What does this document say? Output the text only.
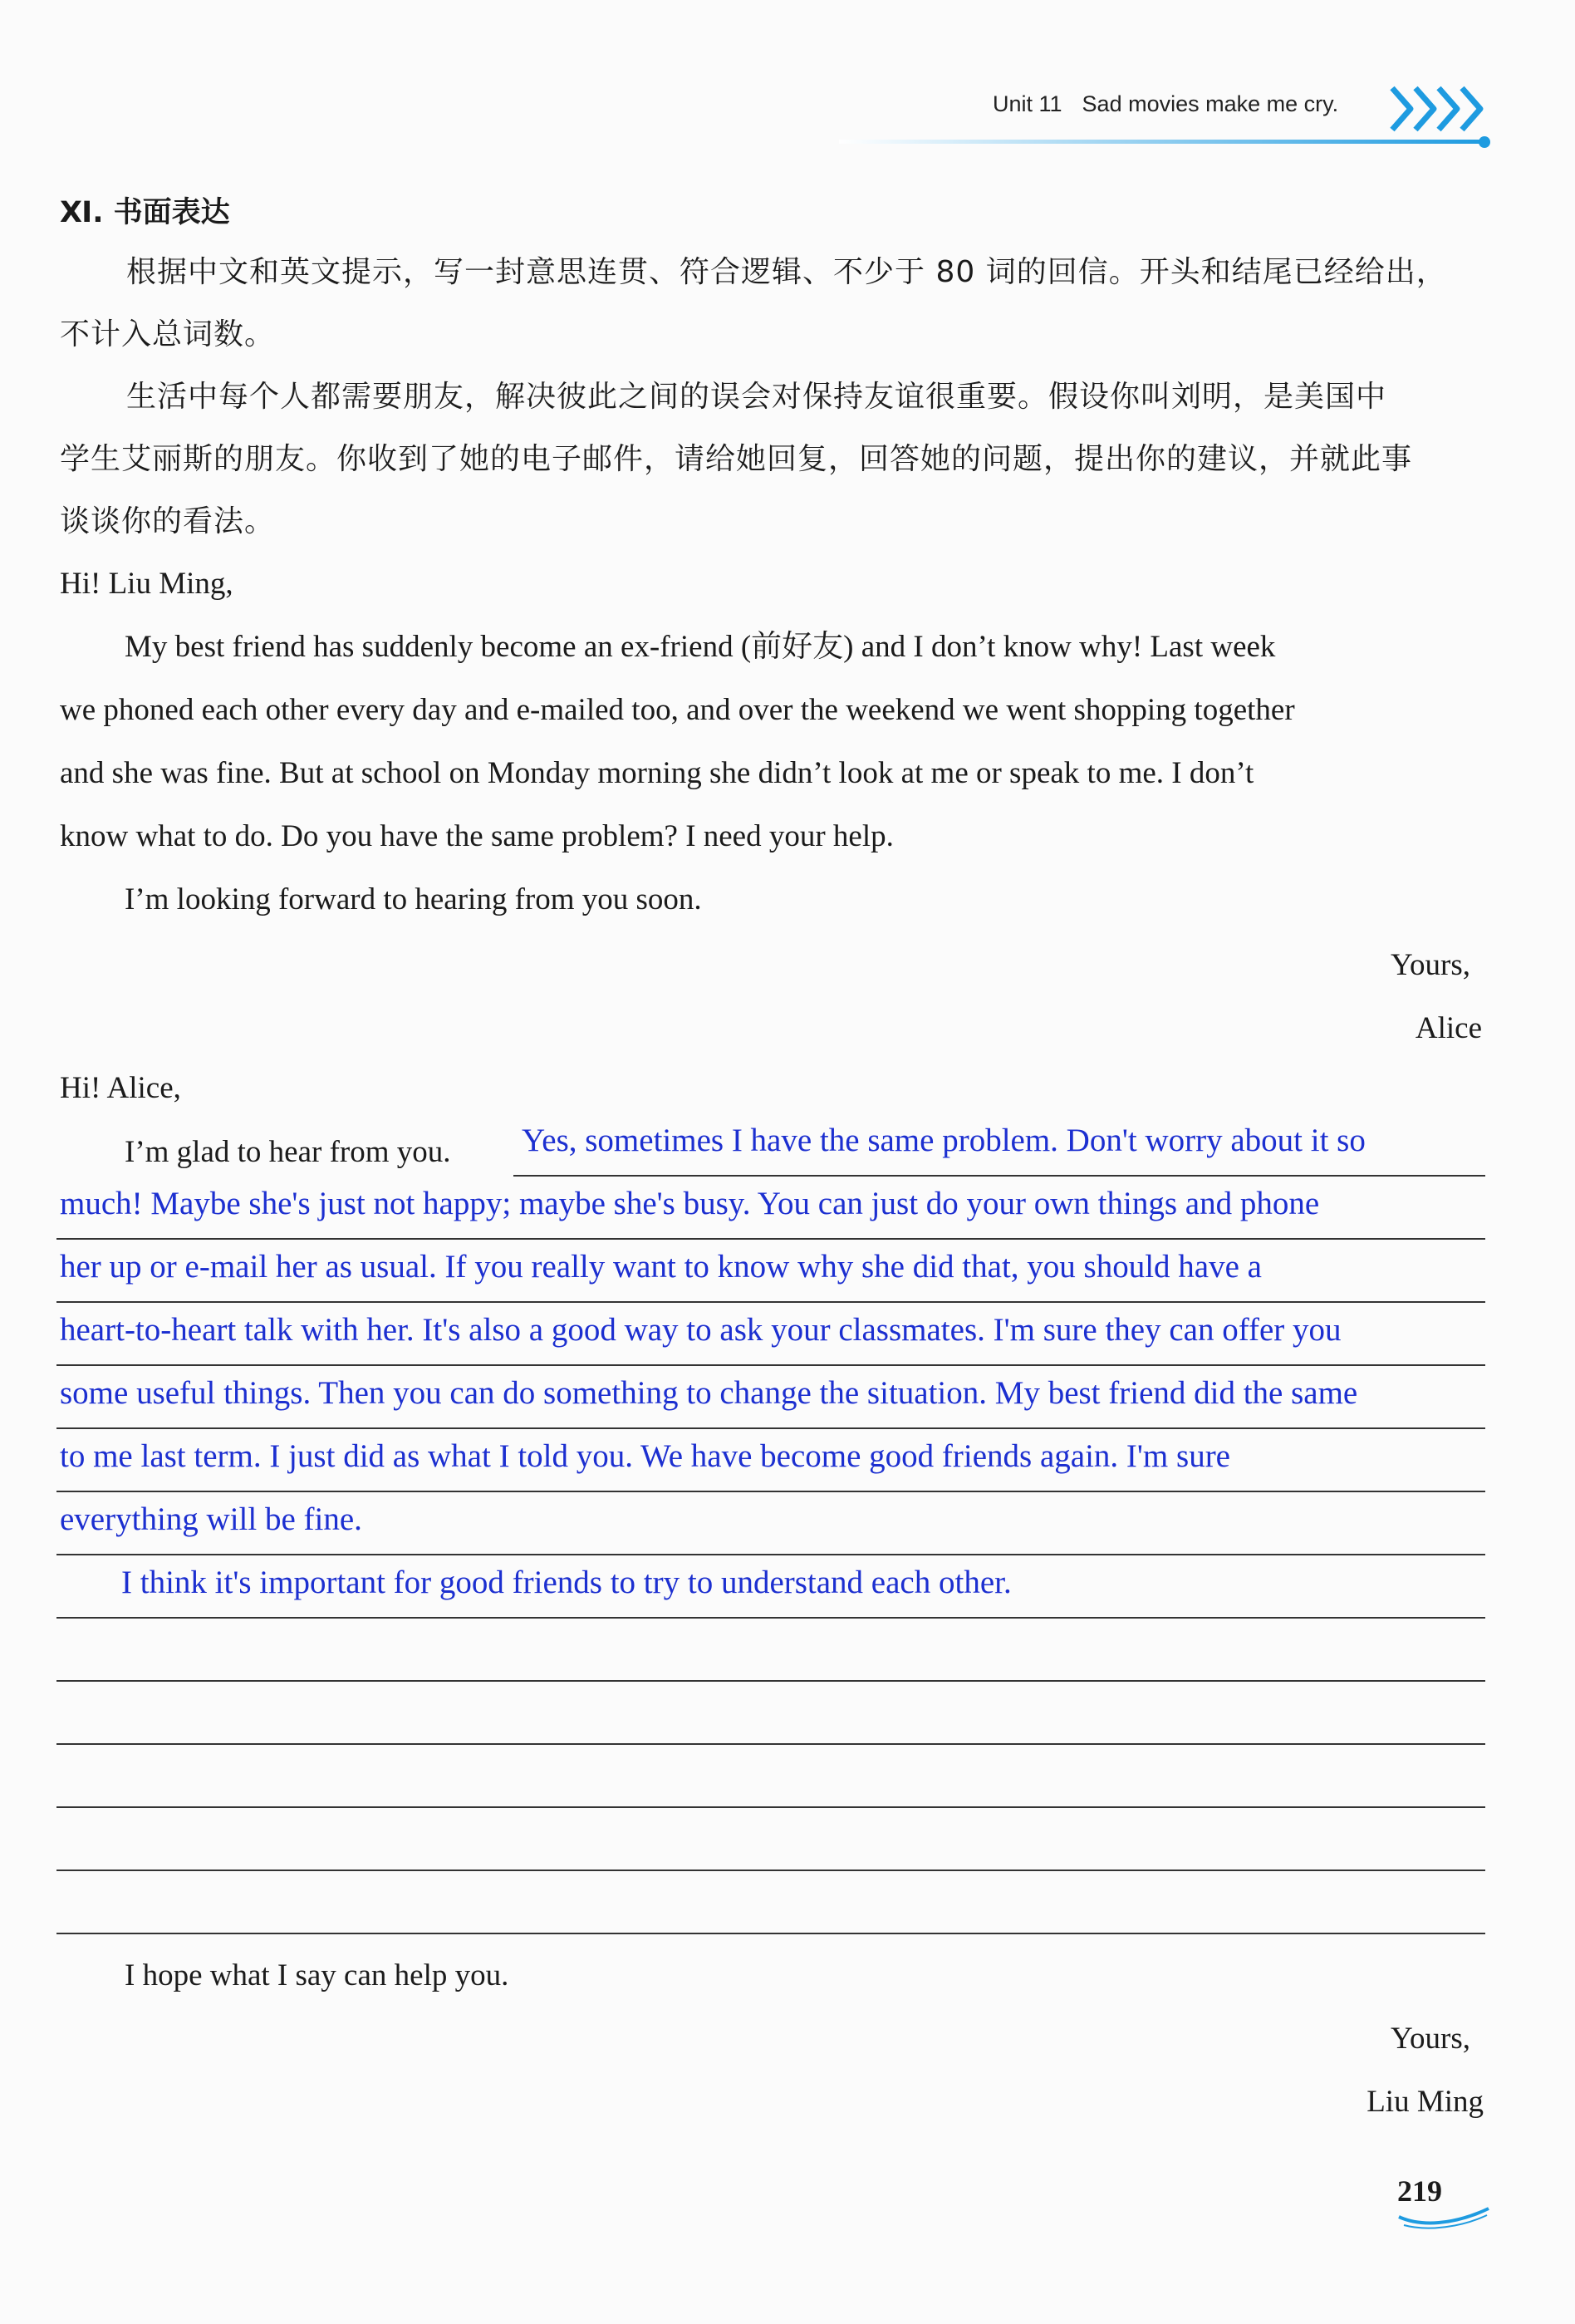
Unit 11 Sad movies make me cry.
Ⅺ. 书面表达
根据中文和英文提示，写一封意思连贯、符合逻辑、不少于 80 词的回信。开头和结尾已经给出，
不计入总词数。
生活中每个人都需要朋友，解决彼此之间的误会对保持友谊很重要。假设你叫刘明，是美国中
学生艾丽斯的朋友。你收到了她的电子邮件，请给她回复，回答她的问题，提出你的建议，并就此事
谈谈你的看法。
Hi! Liu Ming,
My best friend has suddenly become an ex-friend (前好友) and I don’t know why! Last week
we phoned each other every day and e-mailed too, and over the weekend we went shopping together
and she was fine. But at school on Monday morning she didn’t look at me or speak to me. I don’t
know what to do. Do you have the same problem? I need your help.
I’m looking forward to hearing from you soon.
Yours,
Alice
Hi! Alice,
I’m glad to hear from you. Yes, sometimes I have the same problem. Don't worry about it so
much! Maybe she's just not happy; maybe she's busy. You can just do your own things and phone
her up or e-mail her as usual. If you really want to know why she did that, you should have a
heart-to-heart talk with her. It's also a good way to ask your classmates. I'm sure they can offer you
some useful things. Then you can do something to change the situation. My best friend did the same
to me last term. I just did as what I told you. We have become good friends again. I'm sure
everything will be fine.
I think it's important for good friends to try to understand each other.
I hope what I say can help you.
Yours,
Liu Ming
219
